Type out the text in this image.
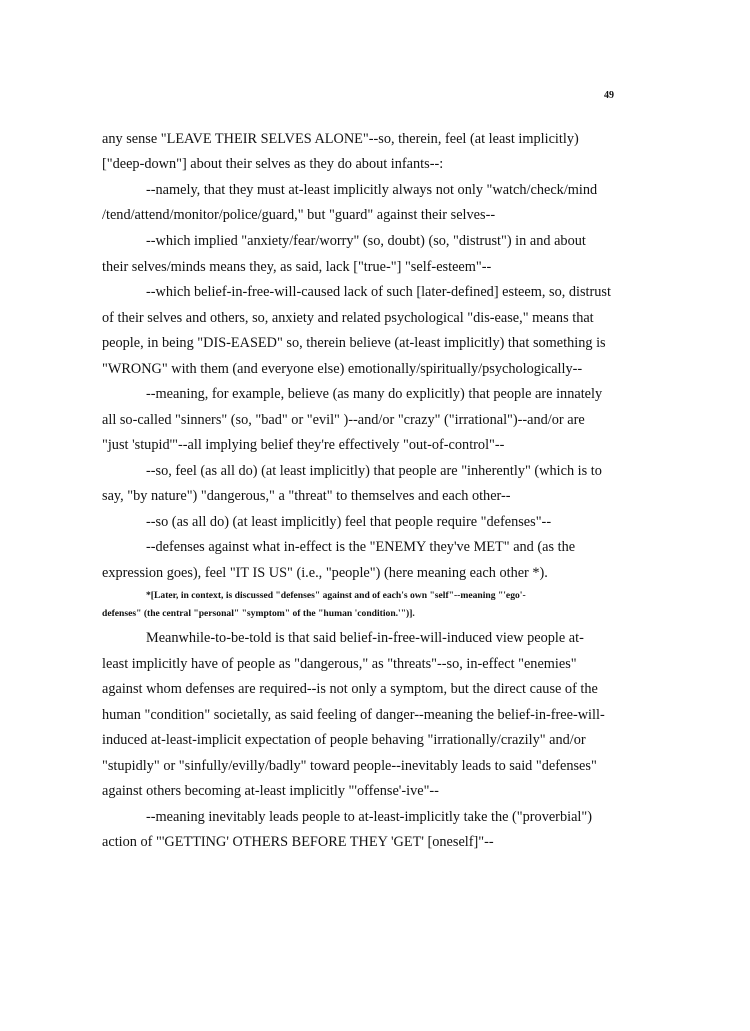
49
any sense "LEAVE THEIR SELVES ALONE"--so, therein, feel (at least implicitly)
["deep-down"] about their selves as they do about infants--:
--namely, that they must at-least implicitly always not only "watch/check/mind
/tend/attend/monitor/police/guard," but "guard" against their selves--
--which implied "anxiety/fear/worry" (so, doubt) (so, "distrust") in and about
their selves/minds means they, as said, lack ["true-"] "self-esteem"--
--which belief-in-free-will-caused lack of such [later-defined] esteem, so, distrust
of their selves and others, so, anxiety and related psychological "dis-ease," means that
people, in being "DIS-EASED" so, therein believe (at-least implicitly) that something is
"WRONG" with them (and everyone else) emotionally/spiritually/psychologically--
--meaning, for example, believe (as many do explicitly) that people are innately
all so-called "sinners" (so, "bad" or "evil" )--and/or "crazy" ("irrational")--and/or are
"just 'stupid'"--all implying belief they're effectively "out-of-control"--
--so, feel (as all do) (at least implicitly) that people are "inherently" (which is to
say, "by nature") "dangerous," a "threat" to themselves and each other--
--so (as all do) (at least implicitly) feel that people require "defenses"--
--defenses against what in-effect is the "ENEMY they've MET" and (as the
expression goes), feel "IT IS US" (i.e., "people") (here meaning each other *).
*[Later, in context, is discussed "defenses" against and of each's own "self"--meaning "'ego'-
defenses" (the central "personal" "symptom" of the "human 'condition.'")].
Meanwhile-to-be-told is that said belief-in-free-will-induced view people at-
least implicitly have of people as "dangerous," as "threats"--so, in-effect "enemies"
against whom defenses are required--is not only a symptom, but the direct cause of the
human "condition" societally, as said feeling of danger--meaning the belief-in-free-will-
induced at-least-implicit expectation of people behaving "irrationally/crazily" and/or
"stupidly" or "sinfully/evilly/badly" toward people--inevitably leads to said "defenses"
against others becoming at-least implicitly "'offense'-ive"--
--meaning inevitably leads people to at-least-implicitly take the ("proverbial")
action of "'GETTING' OTHERS BEFORE THEY 'GET' [oneself]"--
